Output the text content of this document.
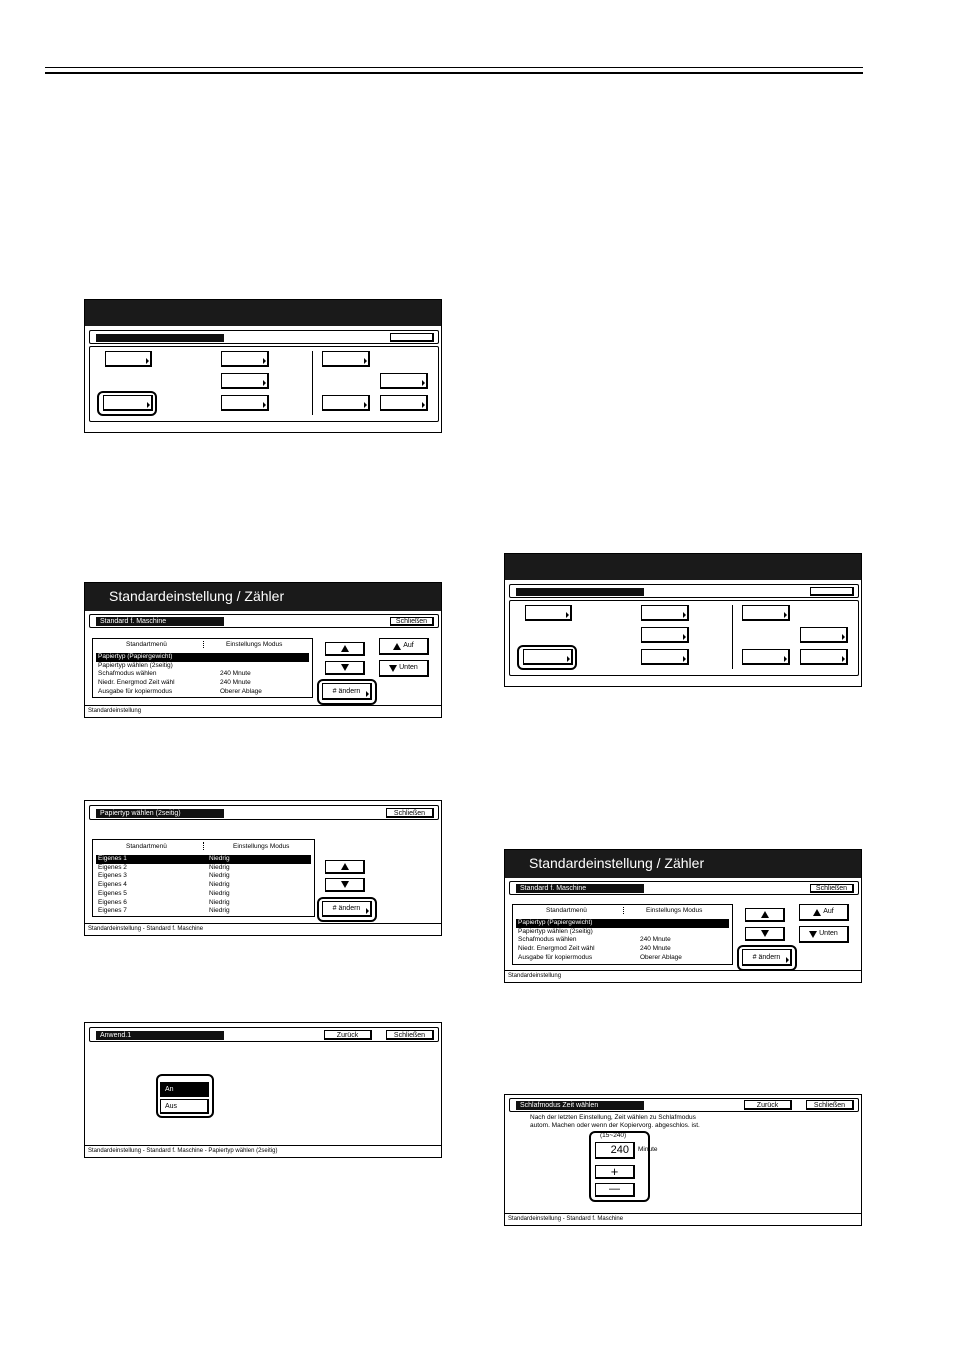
Standardeinstellung / Zähler
Standard f. Maschine	Schließen
Standartmenü	Einstellungs Modus
Papiertyp (Papiergewicht)
Papiertyp wählen (2seitig)
Schafmodus wählen	240 Mnute
Niedr. Energmod Zeit wähl	240 Mnute
Ausgabe für kopiermodus	Oberer Ablage
Auf
Unten
# ändern
Standardeinstellung
Standardeinstellung / Zähler
Standard f. Maschine	Schließen
Standartmenü	Einstellungs Modus
Papiertyp (Papiergewicht)
Papiertyp wählen (2seitig)
Schafmodus wählen	240 Mnute
Niedr. Energmod Zeit wähl	240 Mnute
Ausgabe für kopiermodus	Oberer Ablage
Auf
Unten
# ändern
Standardeinstellung
Papiertyp wählen (2seitig)	Schließen
Standartmenü	Einstellungs Modus
Eigenes 1	Niedrig
Eigenes 2	Niedrig
Eigenes 3	Niedrig
Eigenes 4	Niedrig
Eigenes 5	Niedrig
Eigenes 6	Niedrig
Eigenes 7	Niedrig	# ändern
Standardeinstellung - Standard f. Maschine
Anwend.1	Zurück	Schließen
An
Aus
Standardeinstellung - Standard f. Maschine - Papiertyp wählen (2seitig)
Schlafmodus Zeit wählen	Zurück	Schließen
Nach der letzten Einstellung, Zeit wählen zu Schlafmodus
autom. Machen oder wenn der Kopiervorg. abgeschlos. ist.
(15~240)
240	Minute
+
—
Standardeinstellung - Standard f. Maschine
